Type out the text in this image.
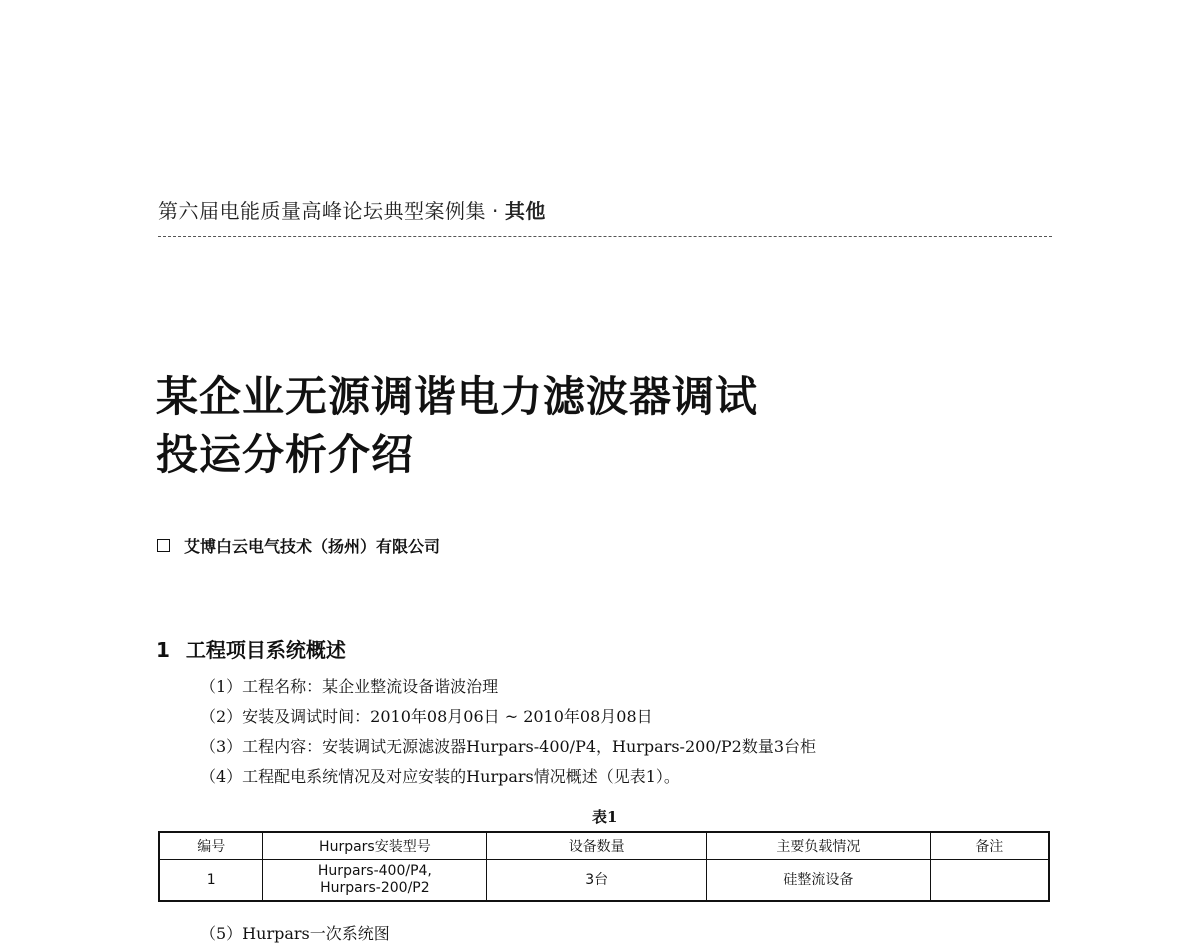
第六届电能质量高峰论坛典型案例集 · 其他
某企业无源调谐电力滤波器调试
投运分析介绍
艾博白云电气技术（扬州）有限公司
1 工程项目系统概述
（1）工程名称：某企业整流设备谐波治理
（2）安装及调试时间：2010年08月06日 ~ 2010年08月08日
（3）工程内容：安装调试无源滤波器Hurpars-400/P4，Hurpars-200/P2数量3台柜
（4）工程配电系统情况及对应安装的Hurpars情况概述（见表1）。
表1
编号	Hurpars安装型号	设备数量	主要负载情况	备注
1	Hurpars-400/P4,
Hurpars-200/P2	3台	硅整流设备	
（5）Hurpars一次系统图
